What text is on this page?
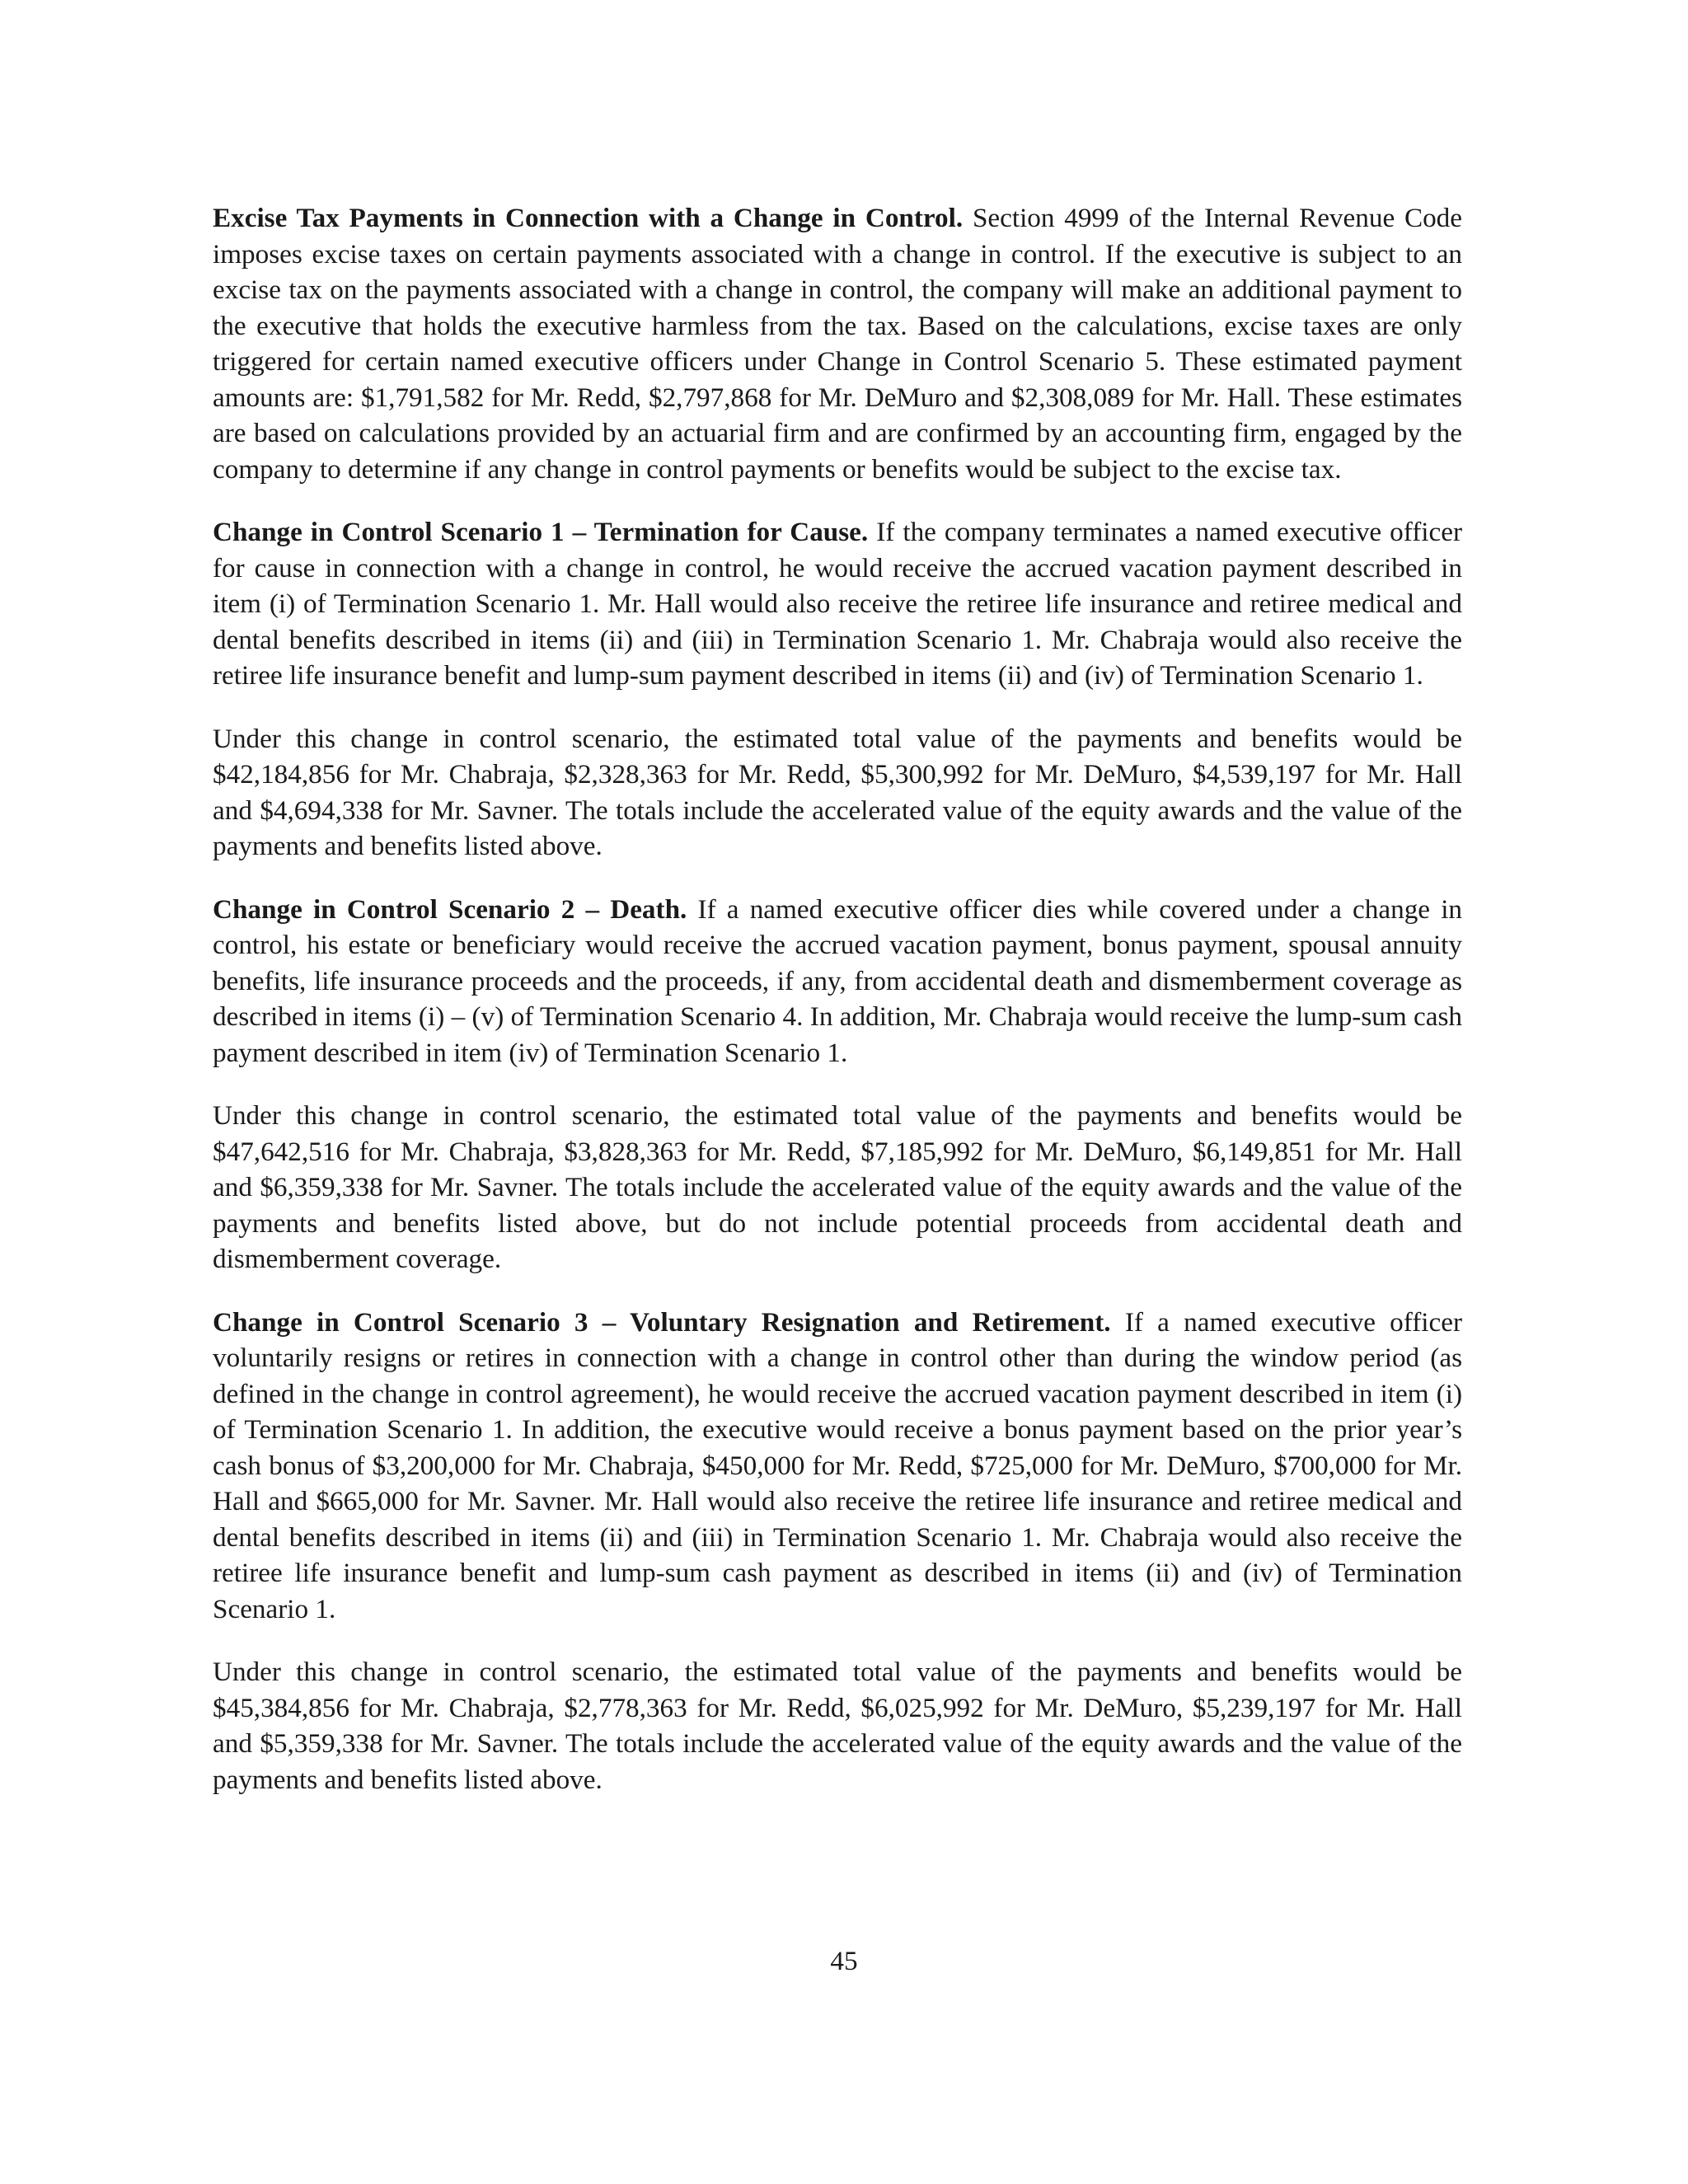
Excise Tax Payments in Connection with a Change in Control. Section 4999 of the Internal Revenue Code imposes excise taxes on certain payments associated with a change in control. If the executive is subject to an excise tax on the payments associated with a change in control, the company will make an additional payment to the executive that holds the executive harmless from the tax. Based on the calculations, excise taxes are only triggered for certain named executive officers under Change in Control Scenario 5. These estimated payment amounts are: $1,791,582 for Mr. Redd, $2,797,868 for Mr. DeMuro and $2,308,089 for Mr. Hall. These estimates are based on calculations provided by an actuarial firm and are confirmed by an accounting firm, engaged by the company to determine if any change in control payments or benefits would be subject to the excise tax.

Change in Control Scenario 1 – Termination for Cause. If the company terminates a named executive officer for cause in connection with a change in control, he would receive the accrued vacation payment described in item (i) of Termination Scenario 1. Mr. Hall would also receive the retiree life insurance and retiree medical and dental benefits described in items (ii) and (iii) in Termination Scenario 1. Mr. Chabraja would also receive the retiree life insurance benefit and lump-sum payment described in items (ii) and (iv) of Termination Scenario 1.

Under this change in control scenario, the estimated total value of the payments and benefits would be $42,184,856 for Mr. Chabraja, $2,328,363 for Mr. Redd, $5,300,992 for Mr. DeMuro, $4,539,197 for Mr. Hall and $4,694,338 for Mr. Savner. The totals include the accelerated value of the equity awards and the value of the payments and benefits listed above.

Change in Control Scenario 2 – Death. If a named executive officer dies while covered under a change in control, his estate or beneficiary would receive the accrued vacation payment, bonus payment, spousal annuity benefits, life insurance proceeds and the proceeds, if any, from accidental death and dismemberment coverage as described in items (i) – (v) of Termination Scenario 4. In addition, Mr. Chabraja would receive the lump-sum cash payment described in item (iv) of Termination Scenario 1.

Under this change in control scenario, the estimated total value of the payments and benefits would be $47,642,516 for Mr. Chabraja, $3,828,363 for Mr. Redd, $7,185,992 for Mr. DeMuro, $6,149,851 for Mr. Hall and $6,359,338 for Mr. Savner. The totals include the accelerated value of the equity awards and the value of the payments and benefits listed above, but do not include potential proceeds from accidental death and dismemberment coverage.

Change in Control Scenario 3 – Voluntary Resignation and Retirement. If a named executive officer voluntarily resigns or retires in connection with a change in control other than during the window period (as defined in the change in control agreement), he would receive the accrued vacation payment described in item (i) of Termination Scenario 1. In addition, the executive would receive a bonus payment based on the prior year’s cash bonus of $3,200,000 for Mr. Chabraja, $450,000 for Mr. Redd, $725,000 for Mr. DeMuro, $700,000 for Mr. Hall and $665,000 for Mr. Savner. Mr. Hall would also receive the retiree life insurance and retiree medical and dental benefits described in items (ii) and (iii) in Termination Scenario 1. Mr. Chabraja would also receive the retiree life insurance benefit and lump-sum cash payment as described in items (ii) and (iv) of Termination Scenario 1.

Under this change in control scenario, the estimated total value of the payments and benefits would be $45,384,856 for Mr. Chabraja, $2,778,363 for Mr. Redd, $6,025,992 for Mr. DeMuro, $5,239,197 for Mr. Hall and $5,359,338 for Mr. Savner. The totals include the accelerated value of the equity awards and the value of the payments and benefits listed above.

45
